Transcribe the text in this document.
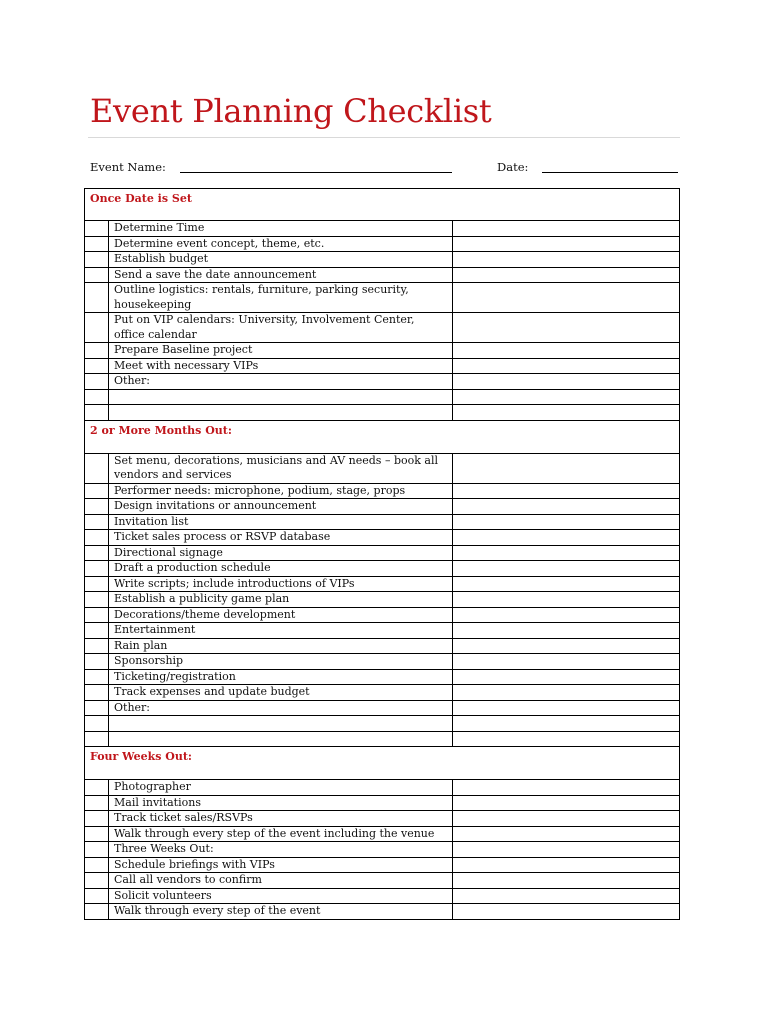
Event Planning Checklist
Event Name:	Date:
Once Date is Set		
	Determine Time	
	Determine event concept, theme, etc.	
	Establish budget	
	Send a save the date announcement	
	Outline logistics: rentals, furniture, parking security, housekeeping	
	Put on VIP calendars: University, Involvement Center, office calendar	
	Prepare Baseline project	
	Meet with necessary VIPs	
	Other:	

2 or More Months Out:		
	Set menu, decorations, musicians and AV needs – book all vendors and services	
	Performer needs: microphone, podium, stage, props	
	Design invitations or announcement	
	Invitation list	
	Ticket sales process or RSVP database	
	Directional signage	
	Draft a production schedule	
	Write scripts; include introductions of VIPs	
	Establish a publicity game plan	
	Decorations/theme development	
	Entertainment	
	Rain plan	
	Sponsorship	
	Ticketing/registration	
	Track expenses and update budget	
	Other:	

Four Weeks Out:		
	Photographer	
	Mail invitations	
	Track ticket sales/RSVPs	
	Walk through every step of the event including the venue	
	Three Weeks Out:	
	Schedule briefings with VIPs	
	Call all vendors to confirm	
	Solicit volunteers	
	Walk through every step of the event	
